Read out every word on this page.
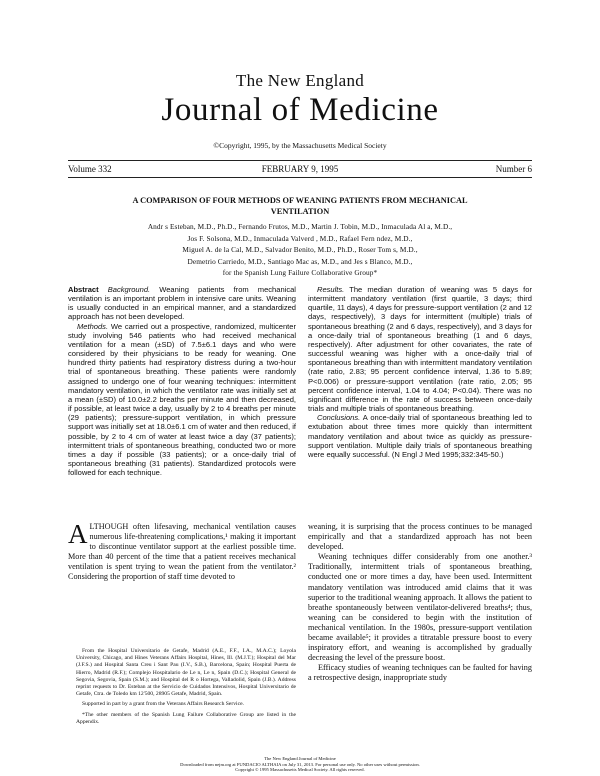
The New England
Journal of Medicine
©Copyright, 1995, by the Massachusetts Medical Society
Volume 332	FEBRUARY 9, 1995	Number 6
A COMPARISON OF FOUR METHODS OF WEANING PATIENTS FROM MECHANICAL
VENTILATION
Andr s Esteban, M.D., Ph.D., Fernando Frutos, M.D., Martin J. Tobin, M.D., Inmaculada Al a, M.D.,
Jos F. Solsona, M.D., Inmaculada Valverd , M.D., Rafael Fern ndez, M.D.,
Miguel A. de la Cal, M.D., Salvador Benito, M.D., Ph.D., Roser Tom s, M.D.,
Demetrio Carriedo, M.D., Santiago Mac as, M.D., and Jes s Blanco, M.D.,
for the Spanish Lung Failure Collaborative Group*

Abstract Background. Weaning patients from mechanical ventilation is an important problem in intensive care units. Weaning is usually conducted in an empirical manner, and a standardized approach has not been developed.

Methods. We carried out a prospective, randomized, multicenter study involving 546 patients who had received mechanical ventilation for a mean (±SD) of 7.5±6.1 days and who were considered by their physicians to be ready for weaning. One hundred thirty patients had respiratory distress during a two-hour trial of spontaneous breathing. These patients were randomly assigned to undergo one of four weaning techniques: intermittent mandatory ventilation, in which the ventilator rate was initially set at a mean (±SD) of 10.0±2.2 breaths per minute and then decreased, if possible, at least twice a day, usually by 2 to 4 breaths per minute (29 patients); pressure-support ventilation, in which pressure support was initially set at 18.0±6.1 cm of water and then reduced, if possible, by 2 to 4 cm of water at least twice a day (37 patients); intermittent trials of spontaneous breathing, conducted two or more times a day if possible (33 patients); or a once-daily trial of spontaneous breathing (31 patients). Standardized protocols were followed for each technique.

Results. The median duration of weaning was 5 days for intermittent mandatory ventilation (first quartile, 3 days; third quartile, 11 days), 4 days for pressure-support ventilation (2 and 12 days, respectively), 3 days for intermittent (multiple) trials of spontaneous breathing (2 and 6 days, respectively), and 3 days for a once-daily trial of spontaneous breathing (1 and 6 days, respectively). After adjustment for other covariates, the rate of successful weaning was higher with a once-daily trial of spontaneous breathing than with intermittent mandatory ventilation (rate ratio, 2.83; 95 percent confidence interval, 1.36 to 5.89; P<0.006) or pressure-support ventilation (rate ratio, 2.05; 95 percent confidence interval, 1.04 to 4.04; P<0.04). There was no significant difference in the rate of success between once-daily trials and multiple trials of spontaneous breathing.

Conclusions. A once-daily trial of spontaneous breathing led to extubation about three times more quickly than intermittent mandatory ventilation and about twice as quickly as pressure-support ventilation. Multiple daily trials of spontaneous breathing were equally successful. (N Engl J Med 1995;332:345-50.)

ALTHOUGH often lifesaving, mechanical ventilation causes numerous life-threatening complications,¹ making it important to discontinue ventilator support at the earliest possible time. More than 40 percent of the time that a patient receives mechanical ventilation is spent trying to wean the patient from the ventilator.² Considering the proportion of staff time devoted to

From the Hospital Universitario de Getafe, Madrid (A.E., F.F., I.A., M.A.C.); Loyola University, Chicago, and Hines Veterans Affairs Hospital, Hines, Ill. (M.J.T.); Hospital del Mar (J.F.S.) and Hospital Santa Creu i Sant Pau (I.V., S.B.), Barcelona, Spain; Hospital Puerta de Hierro, Madrid (R.F.); Complejo Hospitalario de Le n, Le n, Spain (D.C.); Hospital General de Segovia, Segovia, Spain (S.M.); and Hospital del R o Hortega, Valladolid, Spain (J.B.). Address reprint requests to Dr. Esteban at the Servicio de Cuidados Intensivos, Hospital Universitario de Getafe, Ctra. de Toledo km 12'500, 28905 Getafe, Madrid, Spain.

Supported in part by a grant from the Veterans Affairs Research Service.

*The other members of the Spanish Lung Failure Collaborative Group are listed in the Appendix.

weaning, it is surprising that the process continues to be managed empirically and that a standardized approach has not been developed.

Weaning techniques differ considerably from one another.³ Traditionally, intermittent trials of spontaneous breathing, conducted one or more times a day, have been used. Intermittent mandatory ventilation was introduced amid claims that it was superior to the traditional weaning approach. It allows the patient to breathe spontaneously between ventilator-delivered breaths⁴; thus, weaning can be considered to begin with the institution of mechanical ventilation. In the 1980s, pressure-support ventilation became available⁵; it provides a titratable pressure boost to every inspiratory effort, and weaning is accomplished by gradually decreasing the level of the pressure boost.

Efficacy studies of weaning techniques can be faulted for having a retrospective design, inappropriate study

The New England Journal of Medicine
Downloaded from nejm.org at FUNDACIO ALTHAIA on July 31, 2013. For personal use only. No other uses without permission.
Copyright © 1995 Massachusetts Medical Society. All rights reserved.
